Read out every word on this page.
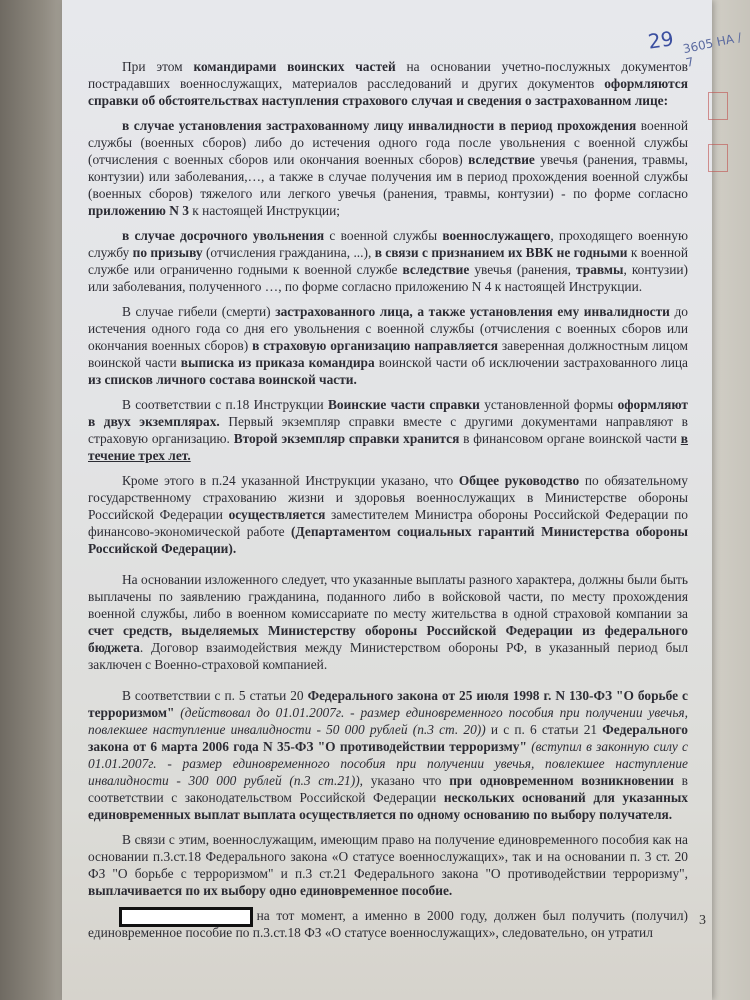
29 3605 НА / 7

При этом командирами воинских частей на основании учетно-послужных документов пострадавших военнослужащих, материалов расследований и других документов оформляются справки об обстоятельствах наступления страхового случая и сведения о застрахованном лице:

в случае установления застрахованному лицу инвалидности в период прохождения военной службы (военных сборов) либо до истечения одного года после увольнения с военной службы (отчисления с военных сборов или окончания военных сборов) вследствие увечья (ранения, травмы, контузии) или заболевания,…, а также в случае получения им в период прохождения военной службы (военных сборов) тяжелого или легкого увечья (ранения, травмы, контузии) - по форме согласно приложению N 3 к настоящей Инструкции;

в случае досрочного увольнения с военной службы военнослужащего, проходящего военную службу по призыву (отчисления гражданина, ...), в связи с признанием их ВВК не годными к военной службе или ограниченно годными к военной службе вследствие увечья (ранения, травмы, контузии) или заболевания, полученного …, по форме согласно приложению N 4 к настоящей Инструкции.

В случае гибели (смерти) застрахованного лица, а также установления ему инвалидности до истечения одного года со дня его увольнения с военной службы (отчисления с военных сборов или окончания военных сборов) в страховую организацию направляется заверенная должностным лицом воинской части выписка из приказа командира воинской части об исключении застрахованного лица из списков личного состава воинской части.

В соответствии с п.18 Инструкции Воинские части справки установленной формы оформляют в двух экземплярах. Первый экземпляр справки вместе с другими документами направляют в страховую организацию. Второй экземпляр справки хранится в финансовом органе воинской части в течение трех лет.

Кроме этого в п.24 указанной Инструкции указано, что Общее руководство по обязательному государственному страхованию жизни и здоровья военнослужащих в Министерстве обороны Российской Федерации осуществляется заместителем Министра обороны Российской Федерации по финансово-экономической работе (Департаментом социальных гарантий Министерства обороны Российской Федерации).

На основании изложенного следует, что указанные выплаты разного характера, должны были быть выплачены по заявлению гражданина, поданного либо в войсковой части, по месту прохождения военной службы, либо в военном комиссариате по месту жительства в одной страховой компании за счет средств, выделяемых Министерству обороны Российской Федерации из федерального бюджета. Договор взаимодействия между Министерством обороны РФ, в указанный период был заключен с Военно-страховой компанией.

В соответствии с п. 5 статьи 20 Федерального закона от 25 июля 1998 г. N 130-ФЗ "О борьбе с терроризмом" (действовал до 01.01.2007г. - размер единовременного пособия при получении увечья, повлекшее наступление инвалидности - 50 000 рублей (п.3 ст. 20)) и с п. 6 статьи 21 Федерального закона от 6 марта 2006 года N 35-ФЗ "О противодействии терроризму" (вступил в законную силу с 01.01.2007г. - размер единовременного пособия при получении увечья, повлекшее наступление инвалидности - 300 000 рублей (п.3 ст.21)), указано что при одновременном возникновении в соответствии с законодательством Российской Федерации нескольких оснований для указанных единовременных выплат выплата осуществляется по одному основанию по выбору получателя.

В связи с этим, военнослужащим, имеющим право на получение единовременного пособия как на основании п.3.ст.18 Федерального закона «О статусе военнослужащих», так и на основании п. 3 ст. 20 ФЗ "О борьбе с терроризмом" и п.3 ст.21 Федерального закона "О противодействии терроризму", выплачивается по их выбору одно единовременное пособие.

на тот момент, а именно в 2000 году, должен был получить (получил) единовременное пособие по п.3.ст.18 ФЗ «О статусе военнослужащих», следовательно, он утратил

3
